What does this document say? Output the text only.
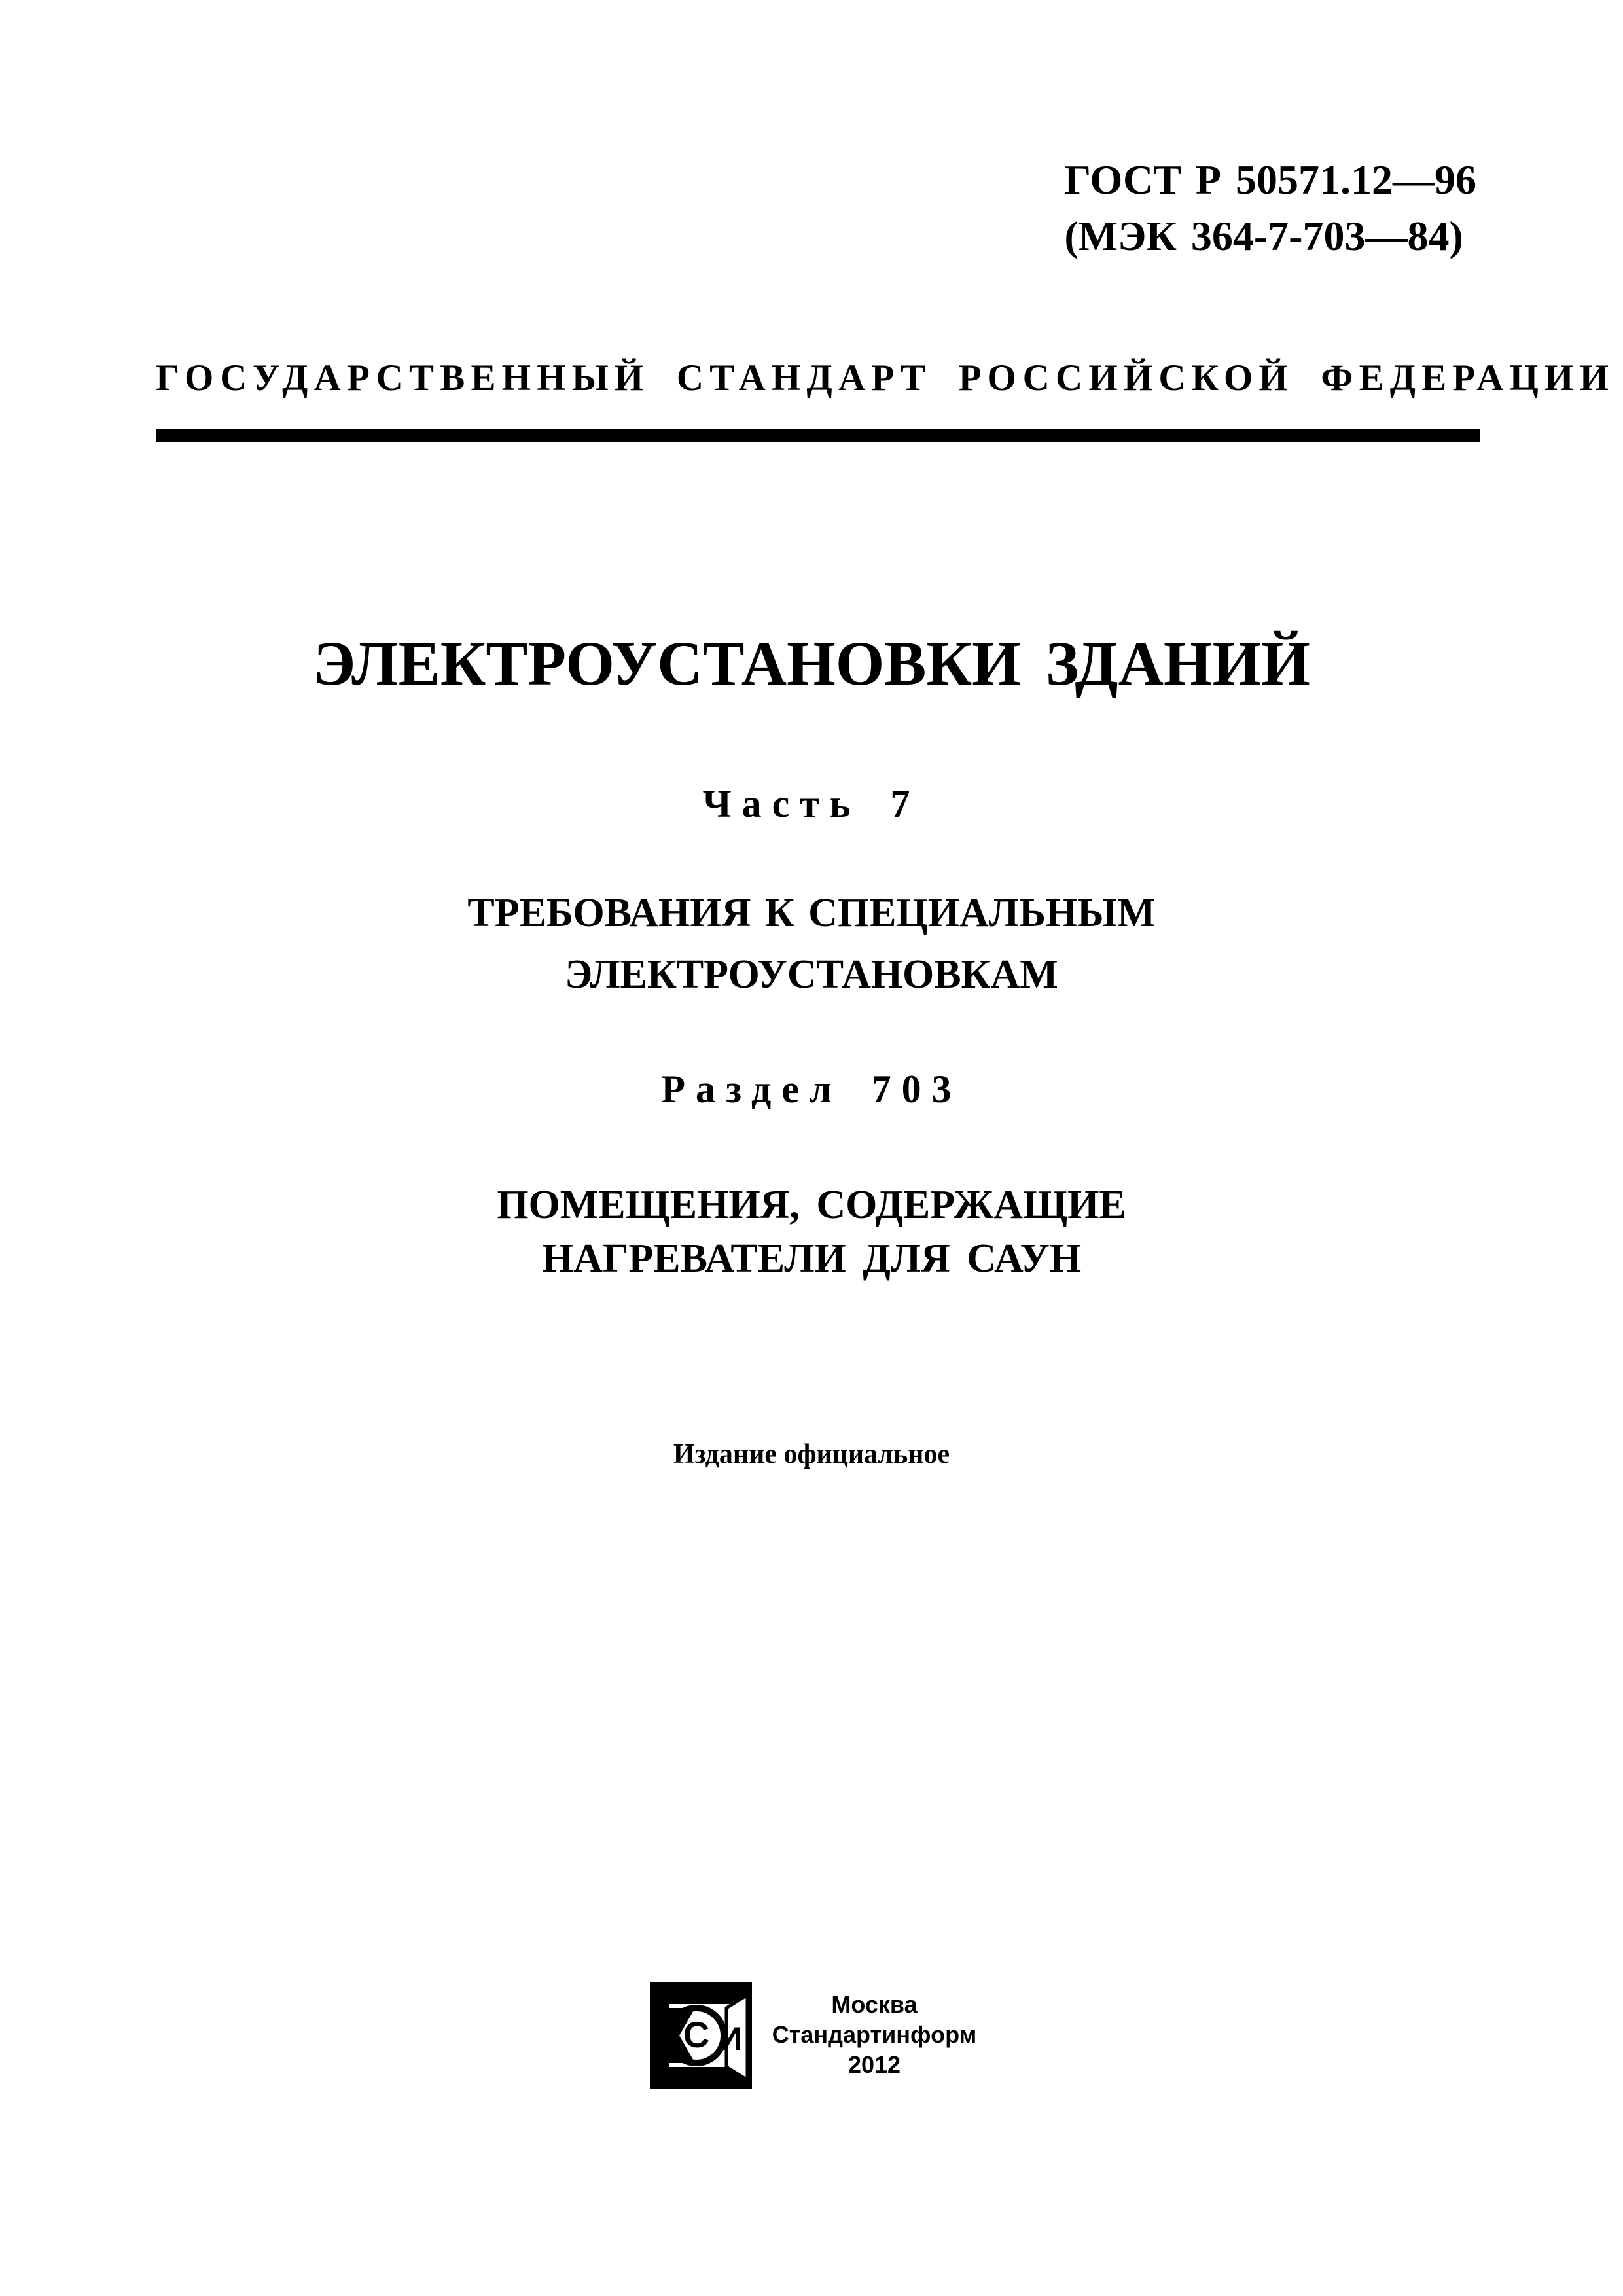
ГОСТ Р 50571.12—96
(МЭК 364-7-703—84)
ГОСУДАРСТВЕННЫЙ СТАНДАРТ РОССИЙСКОЙ ФЕДЕРАЦИИ
ЭЛЕКТРОУСТАНОВКИ ЗДАНИЙ
Часть 7
ТРЕБОВАНИЯ К СПЕЦИАЛЬНЫМ
ЭЛЕКТРОУСТАНОВКАМ
Раздел 703
ПОМЕЩЕНИЯ, СОДЕРЖАЩИЕ
НАГРЕВАТЕЛИ ДЛЯ САУН
Издание официальное
С И
Москва
Стандартинформ
2012
